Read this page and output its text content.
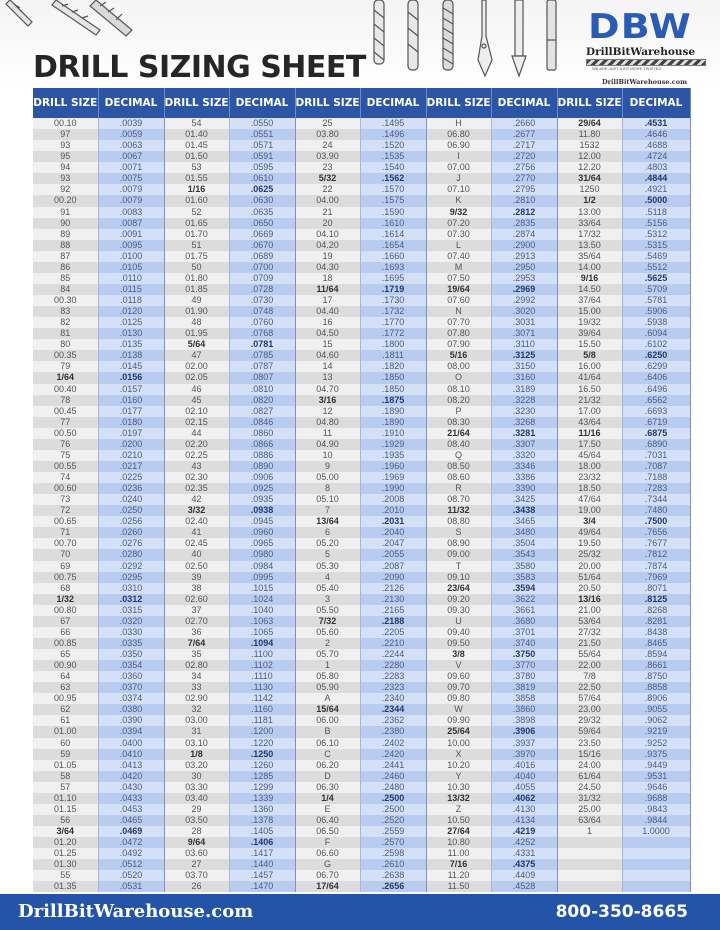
DRILL SIZING SHEET
DBW
DrillBitWarehouse
WE ARE JUST A BIT MORE TWISTED
DrillBitWarehouse.com
DRILL SIZE	DECIMAL	DRILL SIZE	DECIMAL	DRILL SIZE	DECIMAL	DRILL SIZE	DECIMAL	DRILL SIZE	DECIMAL
00.10	.0039	54	.0550	25	.1495	H	.2660	29/64	.4531
97	.0059	01.40	.0551	03.80	.1496	06.80	.2677	11.80	.4646
93	.0063	01.45	.0571	24	.1520	06.90	.2717	1532	.4688
95	.0067	01.50	.0591	03.90	.1535	I	.2720	12.00	.4724
94	.0071	53	.0595	23	.1540	07.00	.2756	12.20	.4803
93	.0075	01.55	.0610	5/32	.1562	J	.2770	31/64	.4844
92	.0079	1/16	.0625	22	.1570	07.10	.2795	1250	.4921
00.20	.0079	01.60	.0630	04.00	.1575	K	.2810	1/2	.5000
91	.0083	52	.0635	21	.1590	9/32	.2812	13.00	.5118
90	.0087	01.65	.0650	20	.1610	07.20	.2835	33/64	.5156
89	.0091	01.70	.0669	04.10	.1614	07.30	.2874	17/32	.5312
88	.0095	51	.0670	04.20	.1654	L	.2900	13.50	.5315
87	.0100	01.75	.0689	19	.1660	07.40	.2913	35/64	.5469
86	.0105	50	.0700	04.30	.1693	M	.2950	14.00	.5512
85	.0110	01.80	.0709	18	.1695	07.50	.2953	9/16	.5625
84	.0115	01.85	.0728	11/64	.1719	19/64	.2969	14.50	.5709
00.30	.0118	49	.0730	17	.1730	07.60	.2992	37/64	.5781
83	.0120	01.90	.0748	04.40	.1732	N	.3020	15.00	.5906
82	.0125	48	.0760	16	.1770	07.70	.3031	19/32	.5938
81	.0130	01.95	.0768	04.50	.1772	07.80	.3071	39/64	.6094
80	.0135	5/64	.0781	15	.1800	07.90	.3110	15.50	.6102
00.35	.0138	47	.0785	04.60	.1811	5/16	.3125	5/8	.6250
79	.0145	02.00	.0787	14	.1820	08.00	.3150	16.00	.6299
1/64	.0156	02.05	.0807	13	.1850	O	.3160	41/64	.6406
00.40	.0157	46	.0810	04.70	.1850	08.10	.3189	16.50	.6496
78	.0160	45	.0820	3/16	.1875	08.20	.3228	21/32	.6562
00.45	.0177	02.10	.0827	12	.1890	P	.3230	17.00	.6693
77	.0180	02.15	.0846	04.80	.1890	08.30	.3268	43/64	.6719
00.50	.0197	44	.0860	11	.1910	21/64	.3281	11/16	.6875
76	.0200	02.20	.0866	04.90	.1929	08.40	.3307	17.50	.6890
75	.0210	02.25	.0886	10	.1935	Q	.3320	45/64	.7031
00.55	.0217	43	.0890	9	.1960	08.50	.3346	18.00	.7087
74	.0225	02.30	.0906	05.00	.1969	08.60	.3386	23/32	.7188
00.60	.0236	02.35	.0925	8	.1990	R	.3390	18.50	.7283
73	.0240	42	.0935	05.10	.2008	08.70	.3425	47/64	.7344
72	.0250	3/32	.0938	7	.2010	11/32	.3438	19.00	.7480
00.65	.0256	02.40	.0945	13/64	.2031	08.80	.3465	3/4	.7500
71	.0260	41	.0960	6	.2040	S	.3480	49/64	.7656
00.70	.0276	02.45	.0965	05.20	.2047	08.90	.3504	19.50	.7677
70	.0280	40	.0980	5	.2055	09.00	.3543	25/32	.7812
69	.0292	02.50	.0984	05.30	.2087	T	.3580	20.00	.7874
00.75	.0295	39	.0995	4	.2090	09.10	.3583	51/64	.7969
68	.0310	38	.1015	05.40	.2126	23/64	.3594	20.50	.8071
1/32	.0312	02.60	.1024	3	.2130	09.20	.3622	13/16	.8125
00.80	.0315	37	.1040	05.50	.2165	09.30	.3661	21.00	.8268
67	.0320	02.70	.1063	7/32	.2188	U	.3680	53/64	.8281
66	.0330	36	.1065	05.60	.2205	09.40	.3701	27/32	.8438
00.85	.0335	7/64	.1094	2	.2210	09.50	.3740	21.50	.8465
65	.0350	35	.1100	05.70	.2244	3/8	.3750	55/64	.8594
00.90	.0354	02.80	.1102	1	.2280	V	.3770	22.00	.8661
64	.0360	34	.1110	05.80	.2283	09.60	.3780	7/8	.8750
63	.0370	33	.1130	05.90	.2323	09.70	.3819	22.50	.8858
00.95	.0374	02.90	.1142	A	.2340	09.80	.3858	57/64	.8906
62	.0380	32	.1160	15/64	.2344	W	.3860	23.00	.9055
61	.0390	03.00	.1181	06.00	.2362	09.90	.3898	29/32	.9062
01.00	.0394	31	.1200	B	.2380	25/64	.3906	59/64	.9219
60	.0400	03.10	.1220	06.10	.2402	10.00	.3937	23.50	.9252
59	.0410	1/8	.1250	C	.2420	X	.3970	15/16	.9375
01.05	.0413	03.20	.1260	06.20	.2441	10.20	.4016	24.00	.9449
58	.0420	30	.1285	D	.2460	Y	.4040	61/64	.9531
57	.0430	03.30	.1299	06.30	.2480	10.30	.4055	24.50	.9646
01.10	.0433	03.40	.1339	1/4	.2500	13/32	.4062	31/32	.9688
01.15	.0453	29	.1360	E	.2500	Z	.4130	25.00	.9843
56	.0465	03.50	.1378	06.40	.2520	10.50	.4134	63/64	.9844
3/64	.0469	28	.1405	06.50	.2559	27/64	.4219	1	1.0000
01.20	.0472	9/64	.1406	F	.2570	10.80	.4252		
01.25	.0492	03.60	.1417	06.60	.2598	11.00	.4331		
01.30	.0512	27	.1440	G	.2610	7/16	.4375		
55	.0520	03.70	.1457	06.70	.2638	11.20	.4409		
01.35	.0531	26	.1470	17/64	.2656	11.50	.4528		
DrillBitWarehouse.com	800-350-8665
